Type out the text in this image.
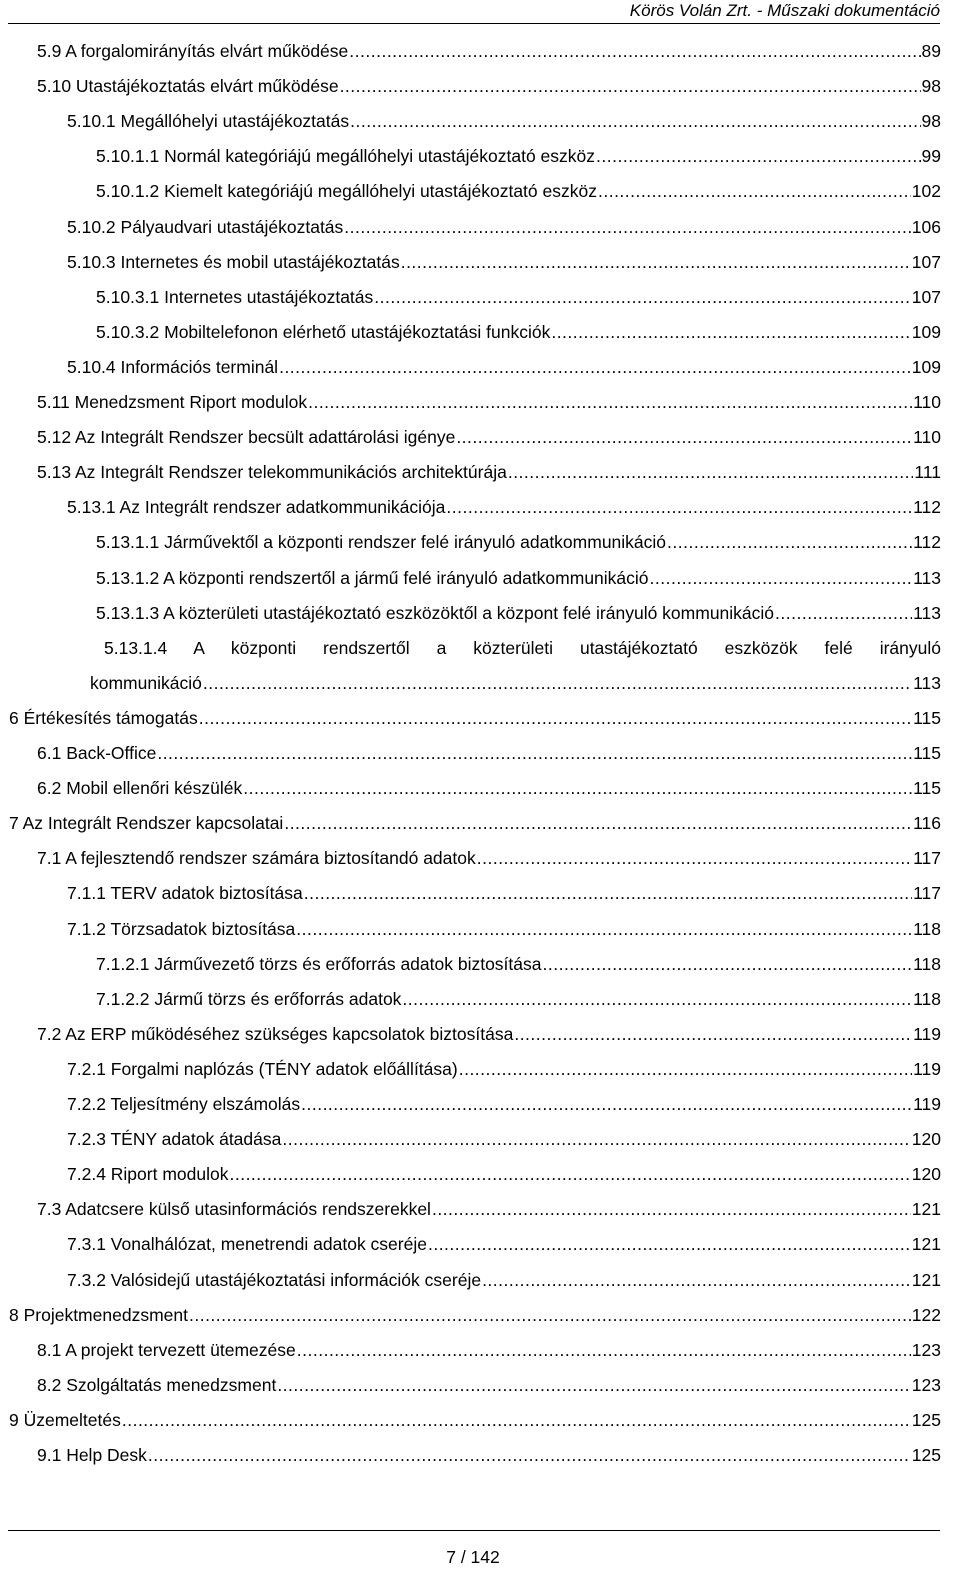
Körös Volán Zrt. - Műszaki dokumentáció
5.9 A forgalomirányítás elvárt működése .....	89
5.10 Utastájékoztatás elvárt működése .....	98
5.10.1 Megállóhelyi utastájékoztatás .....	98
5.10.1.1 Normál kategóriájú megállóhelyi utastájékoztató eszköz .....	99
5.10.1.2 Kiemelt kategóriájú megállóhelyi utastájékoztató eszköz .....	102
5.10.2 Pályaudvari utastájékoztatás .....	106
5.10.3 Internetes és mobil utastájékoztatás .....	107
5.10.3.1 Internetes utastájékoztatás .....	107
5.10.3.2 Mobiltelefonon elérhető utastájékoztatási funkciók .....	109
5.10.4 Információs terminál .....	109
5.11 Menedzsment Riport modulok .....	110
5.12 Az Integrált Rendszer becsült adattárolási igénye .....	110
5.13 Az Integrált Rendszer telekommunikációs architektúrája .....	111
5.13.1 Az Integrált rendszer adatkommunikációja .....	112
5.13.1.1 Járművektől a központi rendszer felé irányuló adatkommunikáció .....	112
5.13.1.2 A központi rendszertől a jármű felé irányuló adatkommunikáció .....	113
5.13.1.3 A közterületi utastájékoztató eszközöktől a központ felé irányuló kommunikáció .....	113
5.13.1.4 A központi rendszertől a közterületi utastájékoztató eszközök felé irányuló
kommunikáció .....	113
6 Értékesítés támogatás .....	115
6.1 Back-Office .....	115
6.2 Mobil ellenőri készülék .....	115
7 Az Integrált Rendszer kapcsolatai .....	116
7.1 A fejlesztendő rendszer számára biztosítandó adatok .....	117
7.1.1 TERV adatok biztosítása .....	117
7.1.2 Törzsadatok biztosítása .....	118
7.1.2.1 Járművezető törzs és erőforrás adatok biztosítása .....	118
7.1.2.2 Jármű törzs és erőforrás adatok .....	118
7.2 Az ERP működéséhez szükséges kapcsolatok biztosítása .....	119
7.2.1 Forgalmi naplózás (TÉNY adatok előállítása) .....	119
7.2.2 Teljesítmény elszámolás .....	119
7.2.3 TÉNY adatok átadása .....	120
7.2.4 Riport modulok .....	120
7.3 Adatcsere külső utasinformációs rendszerekkel .....	121
7.3.1 Vonalhálózat, menetrendi adatok cseréje .....	121
7.3.2 Valósidejű utastájékoztatási információk cseréje .....	121
8 Projektmenedzsment .....	122
8.1 A projekt tervezett ütemezése .....	123
8.2 Szolgáltatás menedzsment .....	123
9 Üzemeltetés .....	125
9.1 Help Desk .....	125
7 / 142
